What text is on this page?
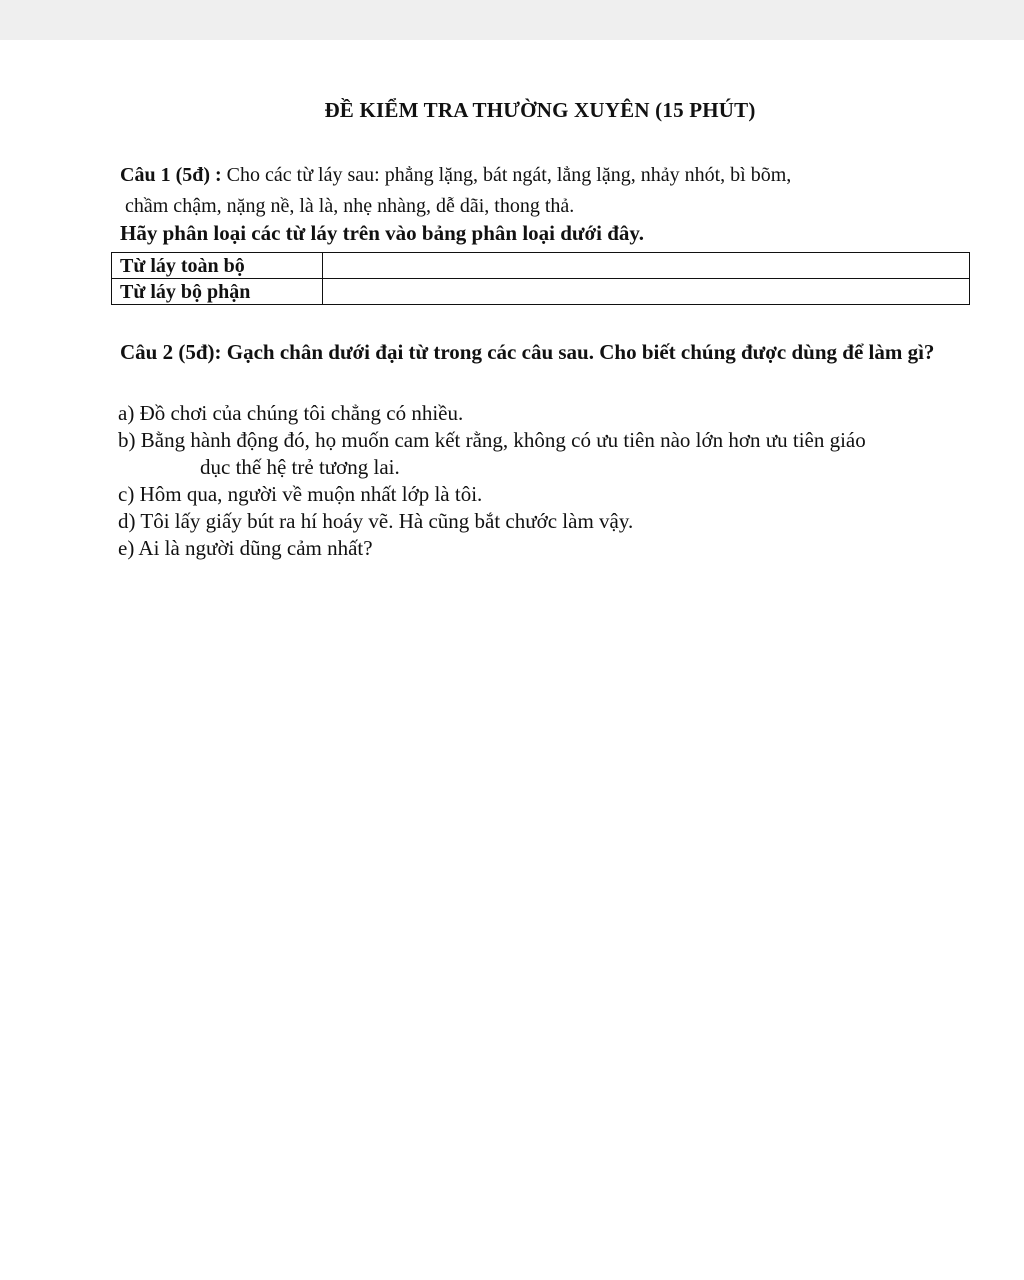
ĐỀ KIỂM TRA THƯỜNG XUYÊN (15 PHÚT)
Câu 1 (5đ) : Cho các từ láy sau: phẳng lặng, bát ngát, lẳng lặng, nhảy nhót, bì bõm,
chầm chậm, nặng nề, là là, nhẹ nhàng, dễ dãi, thong thả.
Hãy phân loại các từ láy trên vào bảng phân loại dưới đây.
Từ láy toàn bộ	
Từ láy bộ phận	
Câu 2 (5đ): Gạch chân dưới đại từ trong các câu sau. Cho biết chúng được dùng để làm gì?
a) Đồ chơi của chúng tôi chẳng có nhiều.
b) Bằng hành động đó, họ muốn cam kết rằng, không có ưu tiên nào lớn hơn ưu tiên giáo
dục thế hệ trẻ tương lai.
c) Hôm qua, người về muộn nhất lớp là tôi.
d) Tôi lấy giấy bút ra hí hoáy vẽ. Hà cũng bắt chước làm vậy.
e) Ai là người dũng cảm nhất?
